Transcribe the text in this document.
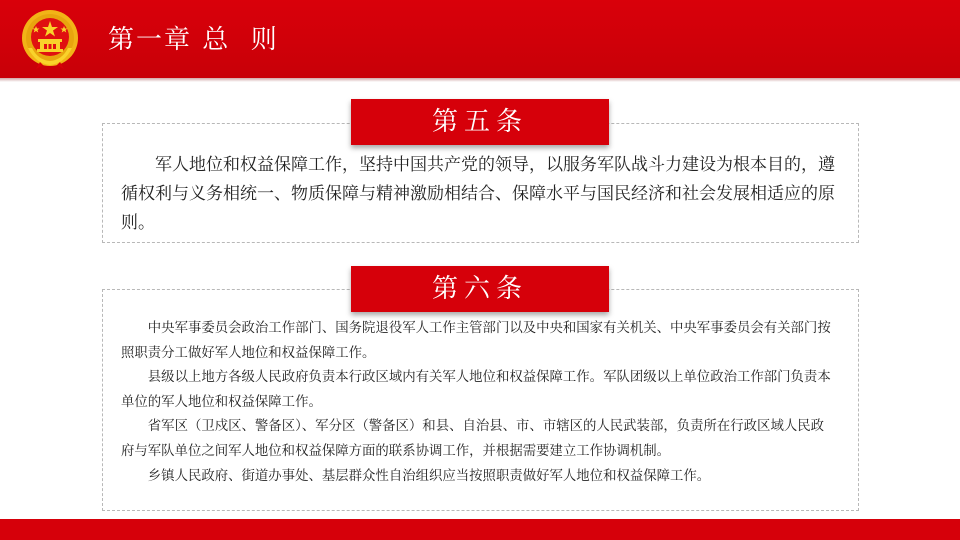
第一章 总  则
第五条

军人地位和权益保障工作，坚持中国共产党的领导，以服务军队战斗力建设为根本目的，遵循权利与义务相统一、物质保障与精神激励相结合、保障水平与国民经济和社会发展相适应的原则。

第六条

中央军事委员会政治工作部门、国务院退役军人工作主管部门以及中央和国家有关机关、中央军事委员会有关部门按照职责分工做好军人地位和权益保障工作。

县级以上地方各级人民政府负责本行政区域内有关军人地位和权益保障工作。军队团级以上单位政治工作部门负责本单位的军人地位和权益保障工作。

省军区（卫戍区、警备区）、军分区（警备区）和县、自治县、市、市辖区的人民武装部，负责所在行政区域人民政府与军队单位之间军人地位和权益保障方面的联系协调工作，并根据需要建立工作协调机制。

乡镇人民政府、街道办事处、基层群众性自治组织应当按照职责做好军人地位和权益保障工作。
